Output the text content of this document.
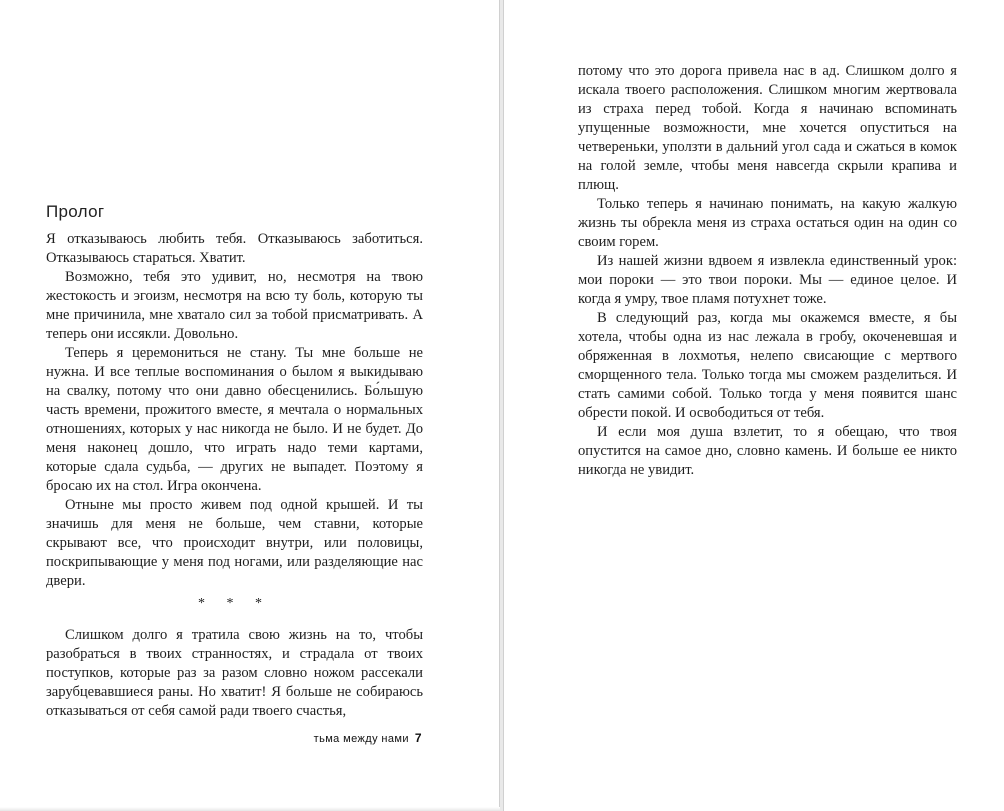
Пролог

Я отказываюсь любить тебя. Отказываюсь заботиться. Отказываюсь стараться. Хватит.

Возможно, тебя это удивит, но, несмотря на твою жестокость и эгоизм, несмотря на всю ту боль, которую ты мне причинила, мне хватало сил за тобой присматривать. А теперь они иссякли. Довольно.

Теперь я церемониться не стану. Ты мне больше не нужна. И все теплые воспоминания о былом я выкидываю на свалку, потому что они давно обесценились. Бо́льшую часть времени, прожитого вместе, я мечтала о нормальных отношениях, которых у нас никогда не было. И не будет. До меня наконец дошло, что играть надо теми картами, которые сдала судьба, — других не выпадет. Поэтому я бросаю их на стол. Игра окончена.

Отныне мы просто живем под одной крышей. И ты значишь для меня не больше, чем ставни, которые скрывают все, что происходит внутри, или половицы, поскрипывающие у меня под ногами, или разделяющие нас двери.

* * *

Слишком долго я тратила свою жизнь на то, чтобы разобраться в твоих странностях, и страдала от твоих поступков, которые раз за разом словно ножом рассекали зарубцевавшиеся раны. Но хватит! Я больше не собираюсь отказываться от себя самой ради твоего счастья,

тьма между нами 7

потому что это дорога привела нас в ад. Слишком долго я искала твоего расположения. Слишком многим жертвовала из страха перед тобой. Когда я начинаю вспоминать упущенные возможности, мне хочется опуститься на четвереньки, уползти в дальний угол сада и сжаться в комок на голой земле, чтобы меня навсегда скрыли крапива и плющ.

Только теперь я начинаю понимать, на какую жалкую жизнь ты обрекла меня из страха остаться один на один со своим горем.

Из нашей жизни вдвоем я извлекла единственный урок: мои пороки — это твои пороки. Мы — единое целое. И когда я умру, твое пламя потухнет тоже.

В следующий раз, когда мы окажемся вместе, я бы хотела, чтобы одна из нас лежала в гробу, окоченевшая и обряженная в лохмотья, нелепо свисающие с мертвого сморщенного тела. Только тогда мы сможем разделиться. И стать самими собой. Только тогда у меня появится шанс обрести покой. И освободиться от тебя.

И если моя душа взлетит, то я обещаю, что твоя опустится на самое дно, словно камень. И больше ее никто никогда не увидит.
